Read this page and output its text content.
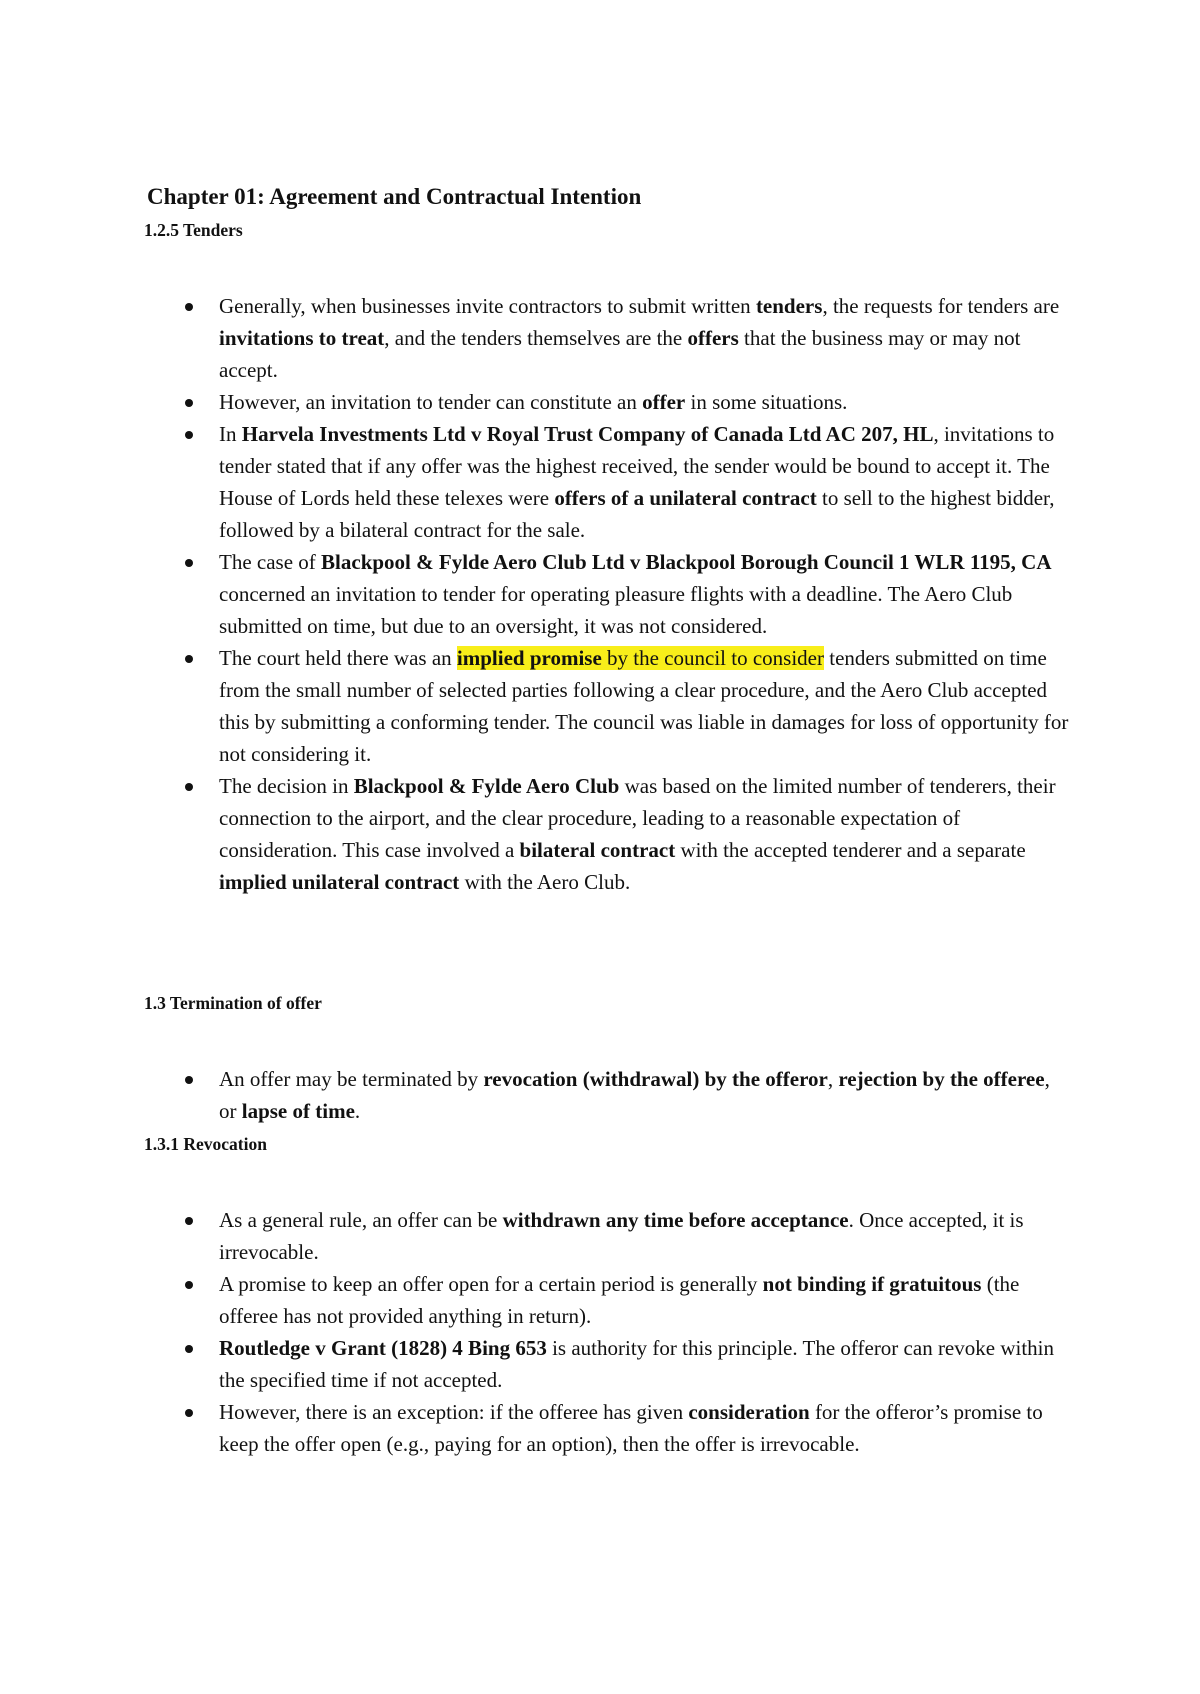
Chapter 01: Agreement and Contractual Intention
1.2.5 Tenders
Generally, when businesses invite contractors to submit written tenders, the requests for tenders are invitations to treat, and the tenders themselves are the offers that the business may or may not accept.
However, an invitation to tender can constitute an offer in some situations.
In Harvela Investments Ltd v Royal Trust Company of Canada Ltd AC 207, HL, invitations to tender stated that if any offer was the highest received, the sender would be bound to accept it. The House of Lords held these telexes were offers of a unilateral contract to sell to the highest bidder, followed by a bilateral contract for the sale.
The case of Blackpool & Fylde Aero Club Ltd v Blackpool Borough Council 1 WLR 1195, CA concerned an invitation to tender for operating pleasure flights with a deadline. The Aero Club submitted on time, but due to an oversight, it was not considered.
The court held there was an implied promise by the council to consider tenders submitted on time from the small number of selected parties following a clear procedure, and the Aero Club accepted this by submitting a conforming tender. The council was liable in damages for loss of opportunity for not considering it.
The decision in Blackpool & Fylde Aero Club was based on the limited number of tenderers, their connection to the airport, and the clear procedure, leading to a reasonable expectation of consideration. This case involved a bilateral contract with the accepted tenderer and a separate implied unilateral contract with the Aero Club.
1.3 Termination of offer
An offer may be terminated by revocation (withdrawal) by the offeror, rejection by the offeree, or lapse of time.
1.3.1 Revocation
As a general rule, an offer can be withdrawn any time before acceptance. Once accepted, it is irrevocable.
A promise to keep an offer open for a certain period is generally not binding if gratuitous (the offeree has not provided anything in return).
Routledge v Grant (1828) 4 Bing 653 is authority for this principle. The offeror can revoke within the specified time if not accepted.
However, there is an exception: if the offeree has given consideration for the offeror’s promise to keep the offer open (e.g., paying for an option), then the offer is irrevocable.
